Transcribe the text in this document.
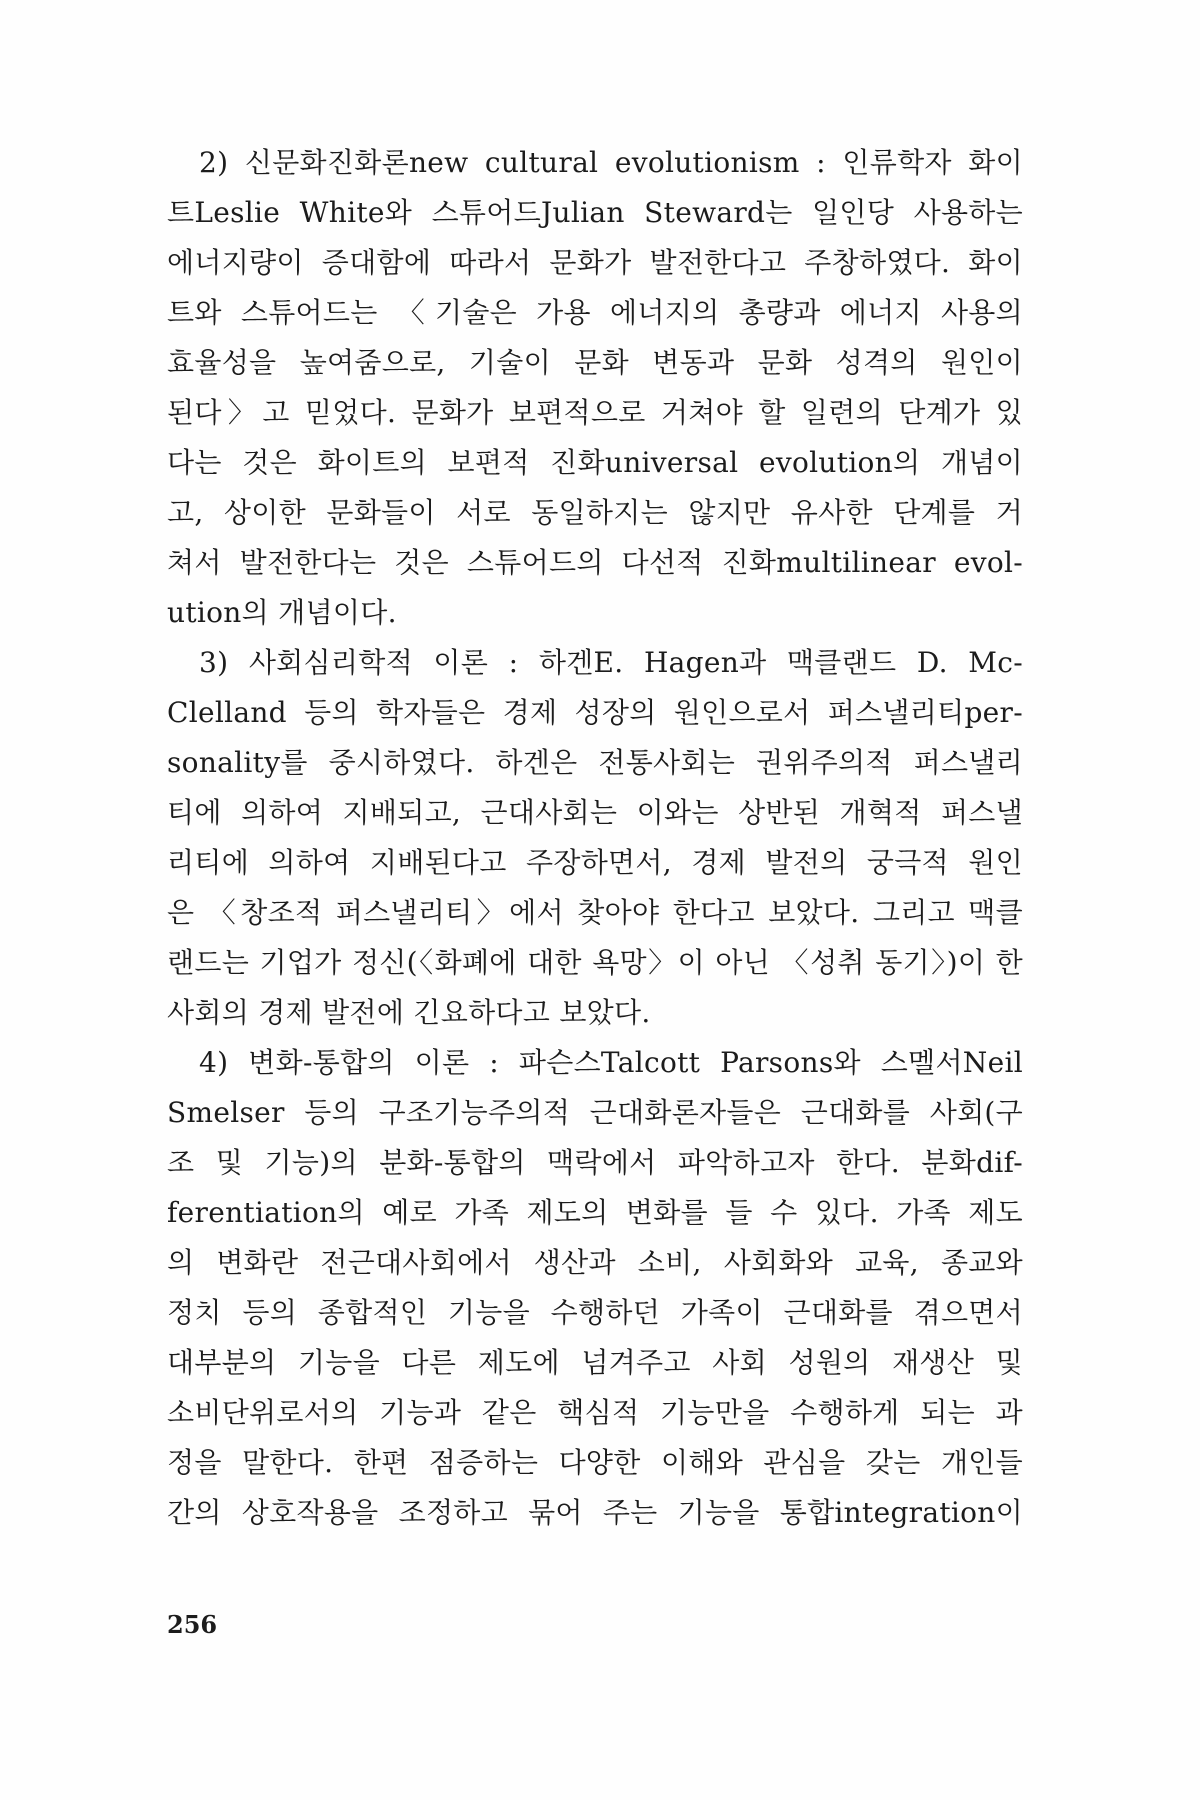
2) 신문화진화론new cultural evolutionism : 인류학자 화이
트Leslie White와 스튜어드Julian Steward는 일인당 사용하는
에너지량이 증대함에 따라서 문화가 발전한다고 주창하였다. 화이
트와 스튜어드는 〈기술은 가용 에너지의 총량과 에너지 사용의
효율성을 높여줌으로, 기술이 문화 변동과 문화 성격의 원인이
된다〉고 믿었다. 문화가 보편적으로 거쳐야 할 일련의 단계가 있
다는 것은 화이트의 보편적 진화universal evolution의 개념이
고, 상이한 문화들이 서로 동일하지는 않지만 유사한 단계를 거
쳐서 발전한다는 것은 스튜어드의 다선적 진화multilinear evol-
ution의 개념이다.
3) 사회심리학적 이론 : 하겐E. Hagen과 맥클랜드 D. Mc-
Clelland 등의 학자들은 경제 성장의 원인으로서 퍼스낼리티per-
sonality를 중시하였다. 하겐은 전통사회는 권위주의적 퍼스낼리
티에 의하여 지배되고, 근대사회는 이와는 상반된 개혁적 퍼스낼
리티에 의하여 지배된다고 주장하면서, 경제 발전의 궁극적 원인
은 〈창조적 퍼스낼리티〉에서 찾아야 한다고 보았다. 그리고 맥클
랜드는 기업가 정신(〈화폐에 대한 욕망〉이 아닌 〈성취 동기〉)이 한
사회의 경제 발전에 긴요하다고 보았다.
4) 변화-통합의 이론 : 파슨스Talcott Parsons와 스멜서Neil
Smelser 등의 구조기능주의적 근대화론자들은 근대화를 사회(구
조 및 기능)의 분화-통합의 맥락에서 파악하고자 한다. 분화dif-
ferentiation의 예로 가족 제도의 변화를 들 수 있다. 가족 제도
의 변화란 전근대사회에서 생산과 소비, 사회화와 교육, 종교와
정치 등의 종합적인 기능을 수행하던 가족이 근대화를 겪으면서
대부분의 기능을 다른 제도에 넘겨주고 사회 성원의 재생산 및
소비단위로서의 기능과 같은 핵심적 기능만을 수행하게 되는 과
정을 말한다. 한편 점증하는 다양한 이해와 관심을 갖는 개인들
간의 상호작용을 조정하고 묶어 주는 기능을 통합integration이
256
